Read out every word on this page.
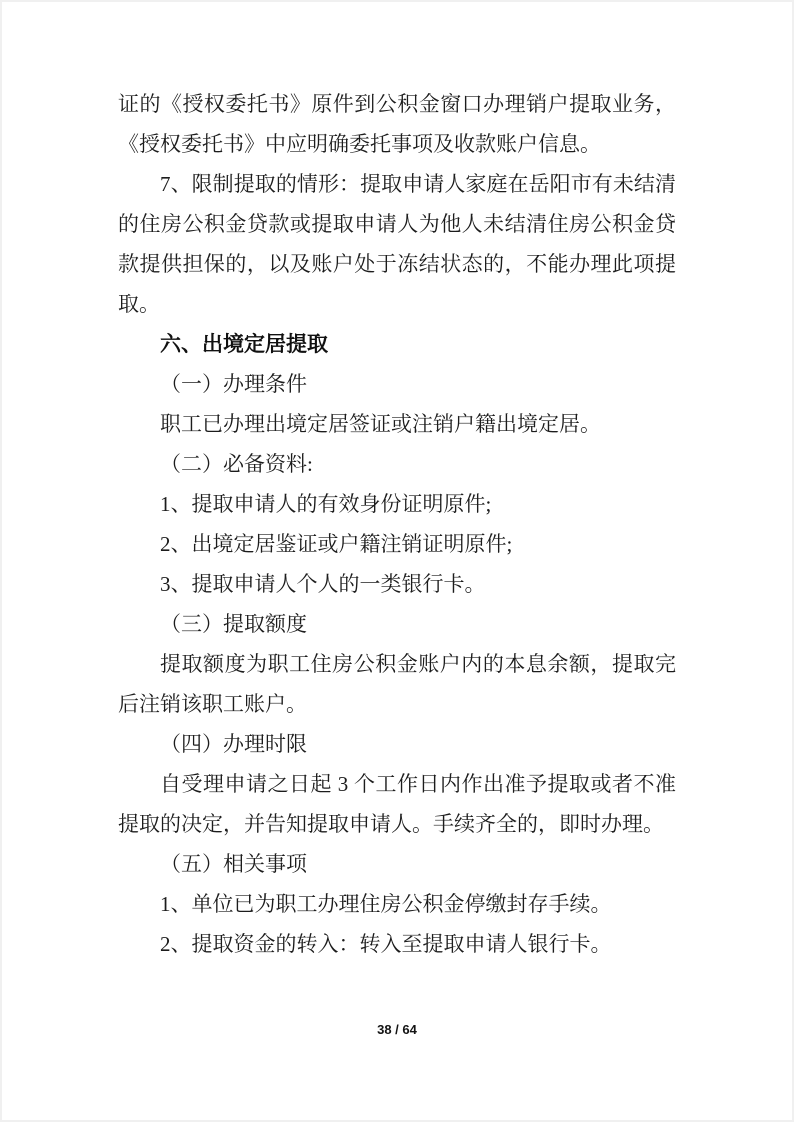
证的《授权委托书》原件到公积金窗口办理销户提取业务，《授权委托书》中应明确委托事项及收款账户信息。

7、限制提取的情形：提取申请人家庭在岳阳市有未结清的住房公积金贷款或提取申请人为他人未结清住房公积金贷款提供担保的，以及账户处于冻结状态的，不能办理此项提取。

六、出境定居提取

（一）办理条件

职工已办理出境定居签证或注销户籍出境定居。

（二）必备资料:

1、提取申请人的有效身份证明原件;

2、出境定居鉴证或户籍注销证明原件;

3、提取申请人个人的一类银行卡。

（三）提取额度

提取额度为职工住房公积金账户内的本息余额，提取完后注销该职工账户。

（四）办理时限

自受理申请之日起 3 个工作日内作出准予提取或者不准提取的决定，并告知提取申请人。手续齐全的，即时办理。

（五）相关事项

1、单位已为职工办理住房公积金停缴封存手续。

2、提取资金的转入：转入至提取申请人银行卡。

38 / 64
